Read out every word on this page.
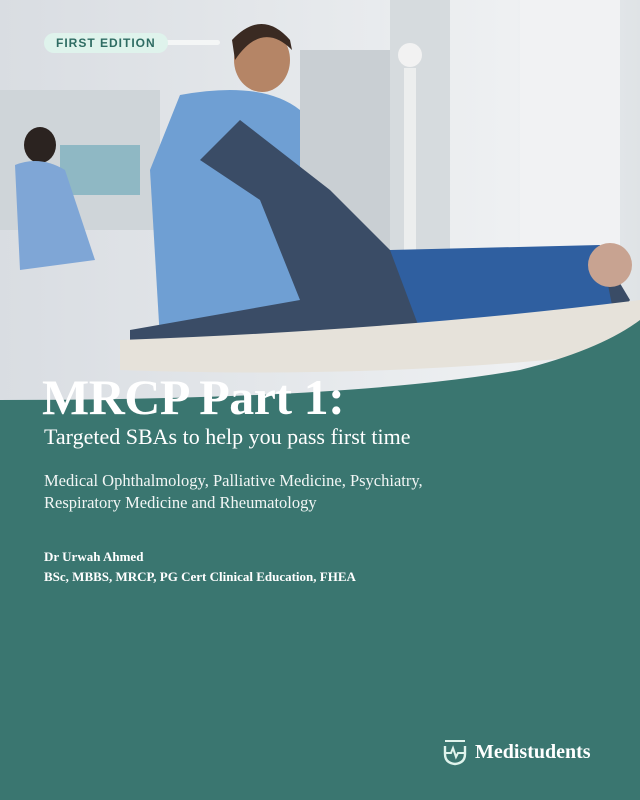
FIRST EDITION
MRCP Part 1:
Targeted SBAs to help you pass first time
Medical Ophthalmology, Palliative Medicine, Psychiatry,
Respiratory Medicine and Rheumatology
Dr Urwah Ahmed
BSc, MBBS, MRCP, PG Cert Clinical Education, FHEA
Medistudents
